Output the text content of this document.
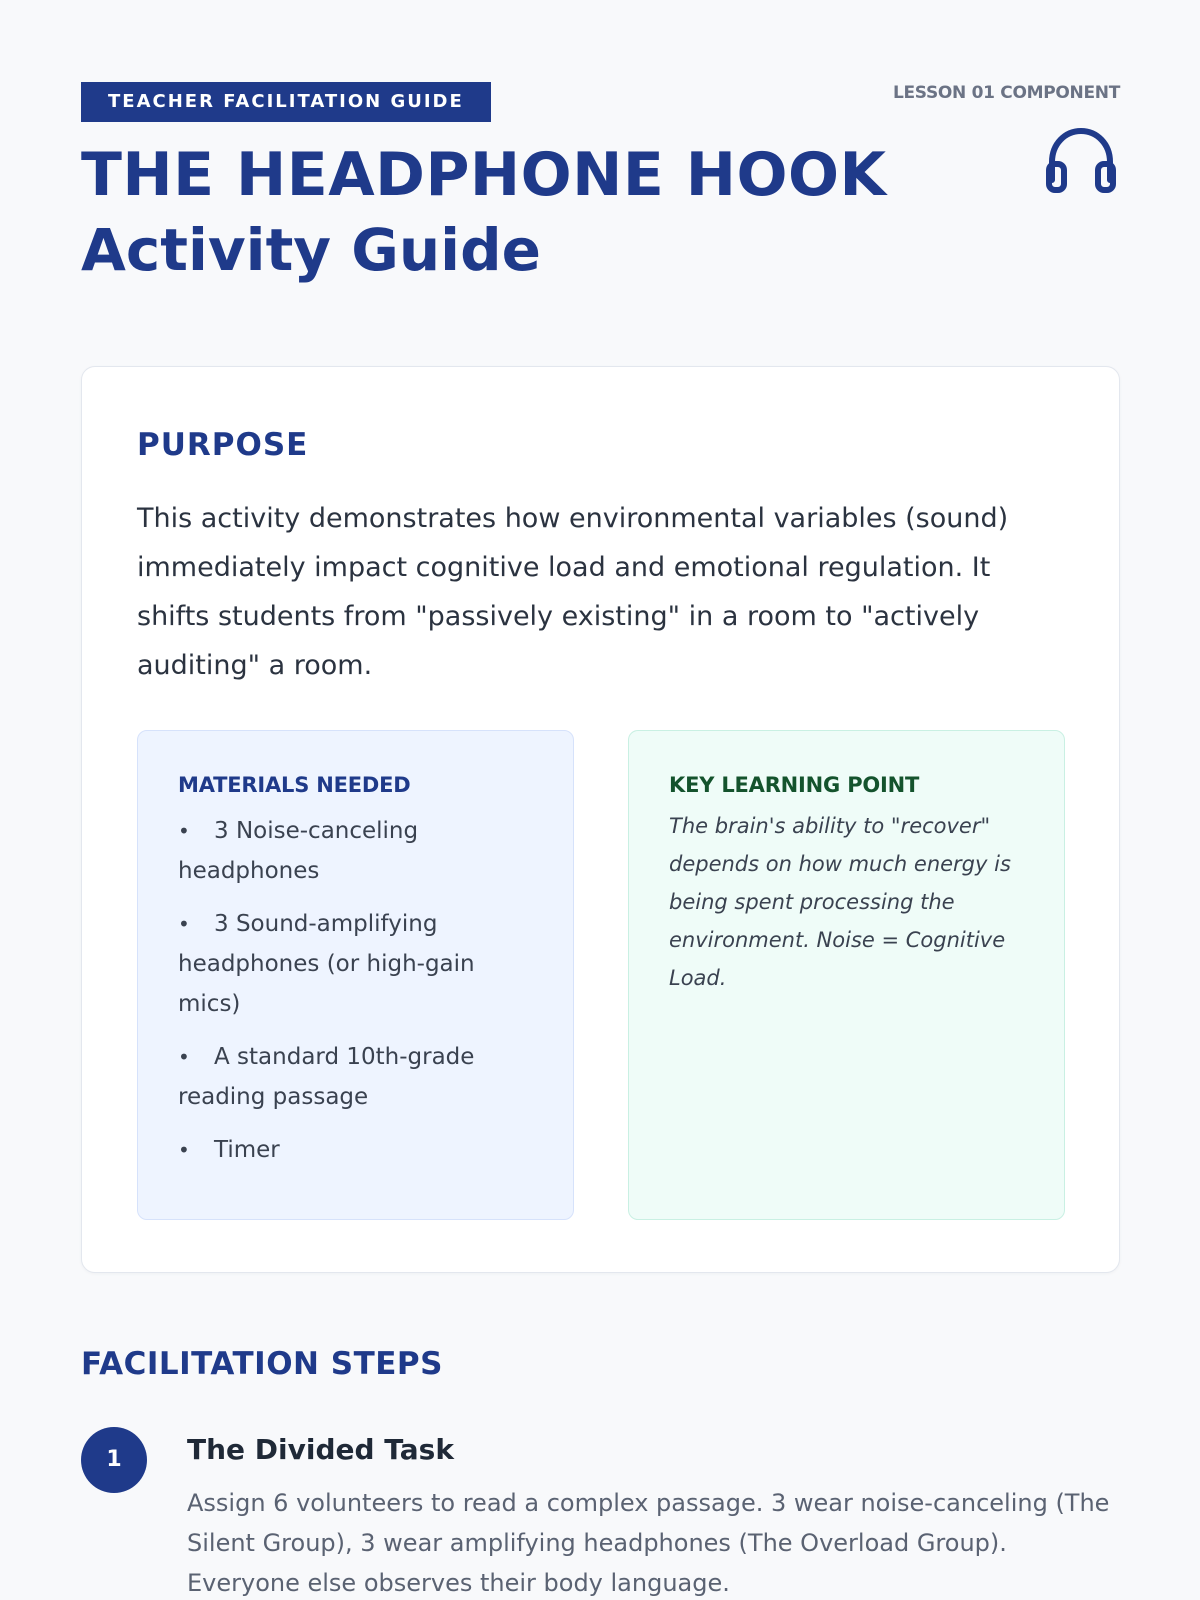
TEACHER FACILITATION GUIDE	LESSON 01 COMPONENT
THE HEADPHONE HOOK
Activity Guide
PURPOSE

This activity demonstrates how environmental variables (sound) immediately impact cognitive load and emotional regulation. It shifts students from "passively existing" in a room to "actively auditing" a room.

MATERIALS NEEDED
• 3 Noise-canceling headphones
• 3 Sound-amplifying headphones (or high-gain mics)
• A standard 10th-grade reading passage
• Timer
KEY LEARNING POINT

The brain's ability to "recover" depends on how much energy is being spent processing the environment. Noise = Cognitive Load.

FACILITATION STEPS
1	The Divided Task

Assign 6 volunteers to read a complex passage. 3 wear noise-canceling (The Silent Group), 3 wear amplifying headphones (The Overload Group). Everyone else observes their body language.
